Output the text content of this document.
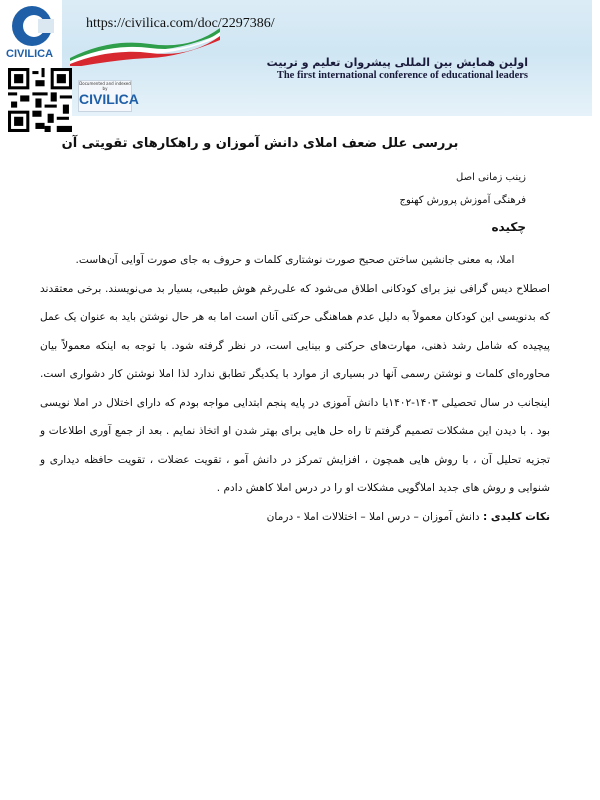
CIVILICA
https://civilica.com/doc/2297386/
اولین همایش بین المللی پیشروان تعلیم و تربیت
The first international conference of educational leaders
Documented and indexed by
CIVILICA
بررسی علل ضعف املای دانش آموزان و راهکارهای تقویتی آن
زینب زمانی اصل
فرهنگی آموزش پرورش کهنوج
چکیده

املا، به معنی جانشین ساختن صحیح صورت نوشتاری کلمات و حروف به جای صورت آوایی آن‌هاست.

اصطلاح دیس گرافی نیز برای کودکانی اطلاق می‌شود که علی‌رغم هوش طبیعی، بسیار بد می‌نویسند. برخی معتقدند که بدنویسی این کودکان معمولاً به دلیل عدم هماهنگی حرکتی آنان است اما به هر حال نوشتن باید به عنوان یک عمل پیچیده که شامل رشد ذهنی، مهارت‌های حرکتی و بینایی است، در نظر گرفته شود. با توجه به اینکه معمولاً بیان محاوره‌ای کلمات و نوشتن رسمی آنها در بسیاری از موارد با یکدیگر تطابق ندارد لذا املا نوشتن کار دشواری است. اینجانب در سال تحصیلی ۱۴۰۳-۱۴۰۲با دانش آموزی در پایه پنجم ابتدایی مواجه بودم که دارای اختلال در املا نویسی بود . با دیدن این مشکلات تصمیم گرفتم تا راه حل هایی برای بهتر شدن او اتخاذ نمایم . بعد از جمع آوری اطلاعات و تجزیه تحلیل آن ، با روش هایی همچون ، افزایش تمرکز در دانش آمو ، تقویت عضلات ، تقویت حافظه دیداری و شنوایی و روش های جدید املاگویی مشکلات او را در درس املا کاهش دادم .

نکات کلیدی : دانش آموزان – درس املا – اختلالات املا - درمان
